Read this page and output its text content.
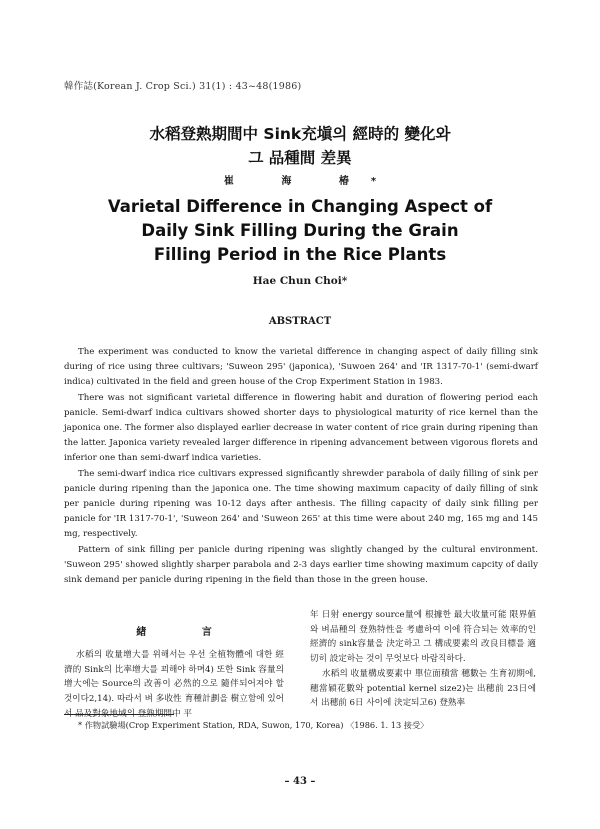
韓作誌(Korean J. Crop Sci.) 31(1) : 43~48(1986)
水稻登熟期間中 Sink充塡의 經時的 變化와
그 品種間 差異
崔 海 椿*
Varietal Difference in Changing Aspect of
Daily Sink Filling During the Grain
Filling Period in the Rice Plants
Hae Chun Choi*
ABSTRACT

The experiment was conducted to know the varietal difference in changing aspect of daily filling sink during of rice using three cultivars; 'Suweon 295' (japonica), 'Suwoen 264' and 'IR 1317-70-1' (semi-dwarf indica) cultivated in the field and green house of the Crop Experiment Station in 1983.

There was not significant varietal difference in flowering habit and duration of flowering period each panicle. Semi-dwarf indica cultivars showed shorter days to physiological maturity of rice kernel than the japonica one. The former also displayed earlier decrease in water content of rice grain during ripening than the latter. Japonica variety revealed larger difference in ripening advancement between vigorous florets and inferior one than semi-dwarf indica varieties.

The semi-dwarf indica rice cultivars expressed significantly shrewder parabola of daily filling of sink per panicle during ripening than the japonica one. The time showing maximum capacity of daily filling of sink per panicle during ripening was 10-12 days after anthesis. The filling capacity of daily sink filling per panicle for 'IR 1317-70-1', 'Suweon 264' and 'Suweon 265' at this time were about 240 mg, 165 mg and 145 mg, respectively.

Pattern of sink filling per panicle during ripening was slightly changed by the cultural environment. 'Suweon 295' showed slightly sharper parabola and 2-3 days earlier time showing maximum capcity of daily sink demand per panicle during ripening in the field than those in the green house.

緖 言

水稻의 收量增大를 위해서는 우선 全植物體에 대한 經濟的 Sink의 比率增大를 꾀해야 하며4) 또한 Sink 容量의 增大에는 Source의 改善이 必然的으로 隨伴되어져야 할 것이다2,14). 따라서 벼 多收性 育種計劃을 樹立함에 있어서 品及對象地域의 登熟期間中 平

年 日射 energy source量에 根據한 最大收量可能 限界値와 벼品種의 登熟特性을 考慮하여 이에 符合되는 效率的인 經濟的 sink容量을 決定하고 그 構成要素의 改良目標를 適切히 設定하는 것이 무엇보다 바람직하다.

水稻의 收量構成要素中 單位面積當 穗數는 生育初期에, 穗當穎花數와 potential kernel size2)는 出穗前 23日에서 出穗前 6日 사이에 決定되고6) 登熟率

* 作物試驗場(Crop Experiment Station, RDA, Suwon, 170, Korea) 〈1986. 1. 13 接受〉
– 43 –
